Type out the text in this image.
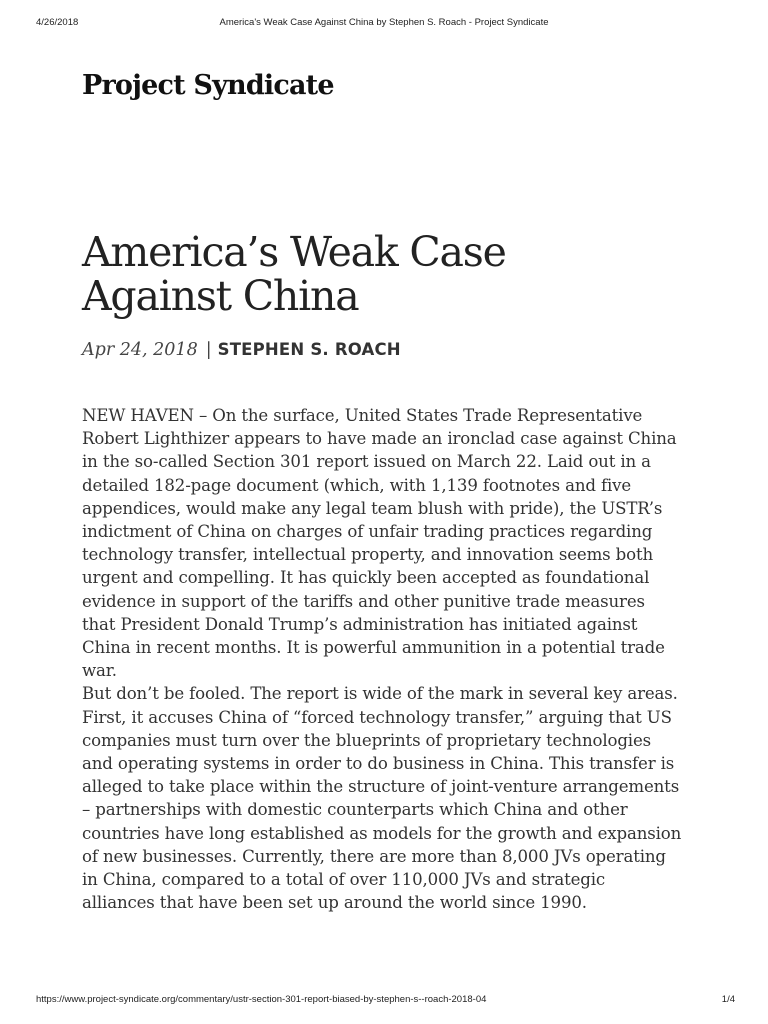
4/26/2018	America's Weak Case Against China by Stephen S. Roach - Project Syndicate
Project Syndicate
America’s Weak Case
Against China
Apr 24, 2018 | STEPHEN S. ROACH

NEW HAVEN – On the surface, United States Trade Representative Robert Lighthizer appears to have made an ironclad case against China in the so-called Section 301 report issued on March 22. Laid out in a detailed 182-page document (which, with 1,139 footnotes and five appendices, would make any legal team blush with pride), the USTR’s indictment of China on charges of unfair trading practices regarding technology transfer, intellectual property, and innovation seems both urgent and compelling. It has quickly been accepted as foundational evidence in support of the tariffs and other punitive trade measures that President Donald Trump’s administration has initiated against China in recent months. It is powerful ammunition in a potential trade war.

But don’t be fooled. The report is wide of the mark in several key areas. First, it accuses China of “forced technology transfer,” arguing that US companies must turn over the blueprints of proprietary technologies and operating systems in order to do business in China. This transfer is alleged to take place within the structure of joint-venture arrangements – partnerships with domestic counterparts which China and other countries have long established as models for the growth and expansion of new businesses. Currently, there are more than 8,000 JVs operating in China, compared to a total of over 110,000 JVs and strategic alliances that have been set up around the world since 1990.

https://www.project-syndicate.org/commentary/ustr-section-301-report-biased-by-stephen-s--roach-2018-04	1/4
